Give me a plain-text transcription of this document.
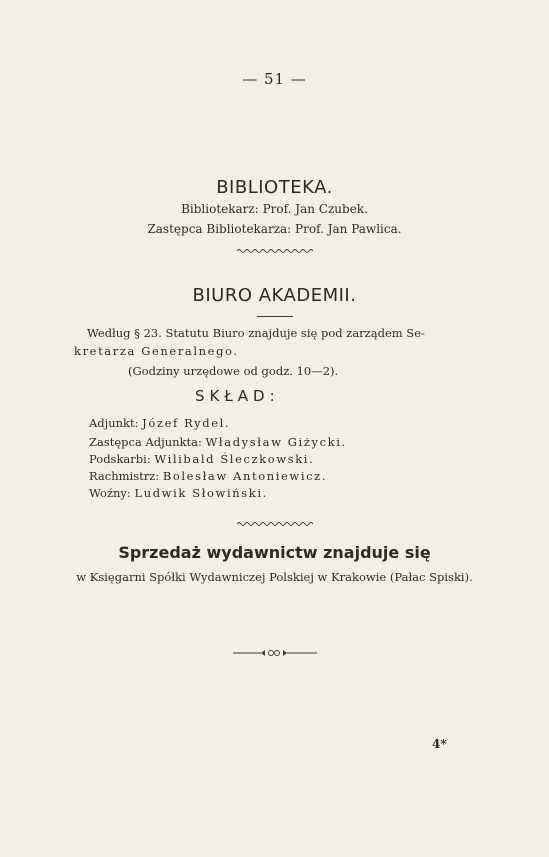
— 51 —
BIBLIOTEKA.
Bibliotekarz: Prof. Jan Czubek.
Zastępca Bibliotekarza: Prof. Jan Pawlica.
BIURO AKADEMII.
Według § 23. Statutu Biuro znajduje się pod zarządem Se-
kretarza Generalnego.
(Godziny urzędowe od godz. 10—2).
SKŁAD:
Adjunkt: Józef Rydel.
Zastępca Adjunkta: Władysław Giżycki.
Podskarbi: Wilibald Śleczkowski.
Rachmistrz: Bolesław Antoniewicz.
Woźny: Ludwik Słowiński.
Sprzedaż wydawnictw znajduje się
w Księgarni Spółki Wydawniczej Polskiej w Krakowie (Pałac Spiski).
4*
